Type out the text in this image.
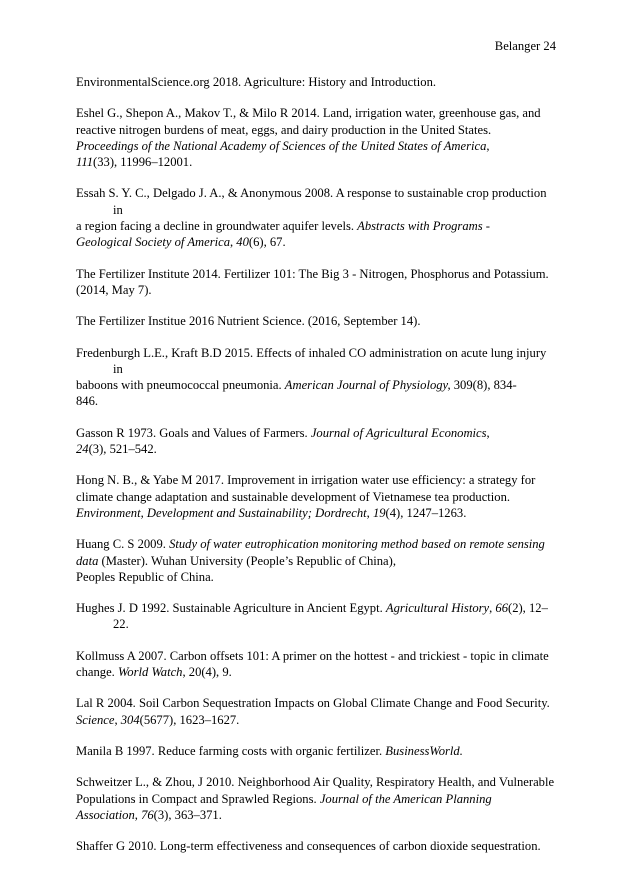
Belanger 24
EnvironmentalScience.org 2018. Agriculture: History and Introduction.
Eshel G., Shepon A., Makov T., & Milo R 2014. Land, irrigation water, greenhouse gas, and
reactive nitrogen burdens of meat, eggs, and dairy production in the United States.
Proceedings of the National Academy of Sciences of the United States of America,
111(33), 11996–12001.
Essah S. Y. C., Delgado J. A., & Anonymous 2008. A response to sustainable crop production in
a region facing a decline in groundwater aquifer levels. Abstracts with Programs -
Geological Society of America, 40(6), 67.
The Fertilizer Institute 2014. Fertilizer 101: The Big 3 - Nitrogen, Phosphorus and Potassium.
(2014, May 7).
The Fertilizer Institue 2016 Nutrient Science. (2016, September 14).
Fredenburgh L.E., Kraft B.D 2015. Effects of inhaled CO administration on acute lung injury in
baboons with pneumococcal pneumonia. American Journal of Physiology, 309(8), 834-
846.
Gasson R 1973. Goals and Values of Farmers. Journal of Agricultural Economics,
24(3), 521–542.
Hong N. B., & Yabe M 2017. Improvement in irrigation water use efficiency: a strategy for
climate change adaptation and sustainable development of Vietnamese tea production.
Environment, Development and Sustainability; Dordrecht, 19(4), 1247–1263.
Huang C. S 2009. Study of water eutrophication monitoring method based on remote sensing
data (Master). Wuhan University (People’s Republic of China),
Peoples Republic of China.
Hughes J. D 1992. Sustainable Agriculture in Ancient Egypt. Agricultural History, 66(2), 12–22.
Kollmuss A 2007. Carbon offsets 101: A primer on the hottest - and trickiest - topic in climate
change. World Watch, 20(4), 9.
Lal R 2004. Soil Carbon Sequestration Impacts on Global Climate Change and Food Security.
Science, 304(5677), 1623–1627.
Manila B 1997. Reduce farming costs with organic fertilizer. BusinessWorld.
Schweitzer L., & Zhou, J 2010. Neighborhood Air Quality, Respiratory Health, and Vulnerable
Populations in Compact and Sprawled Regions. Journal of the American Planning
Association, 76(3), 363–371.
Shaffer G 2010. Long-term effectiveness and consequences of carbon dioxide sequestration.
